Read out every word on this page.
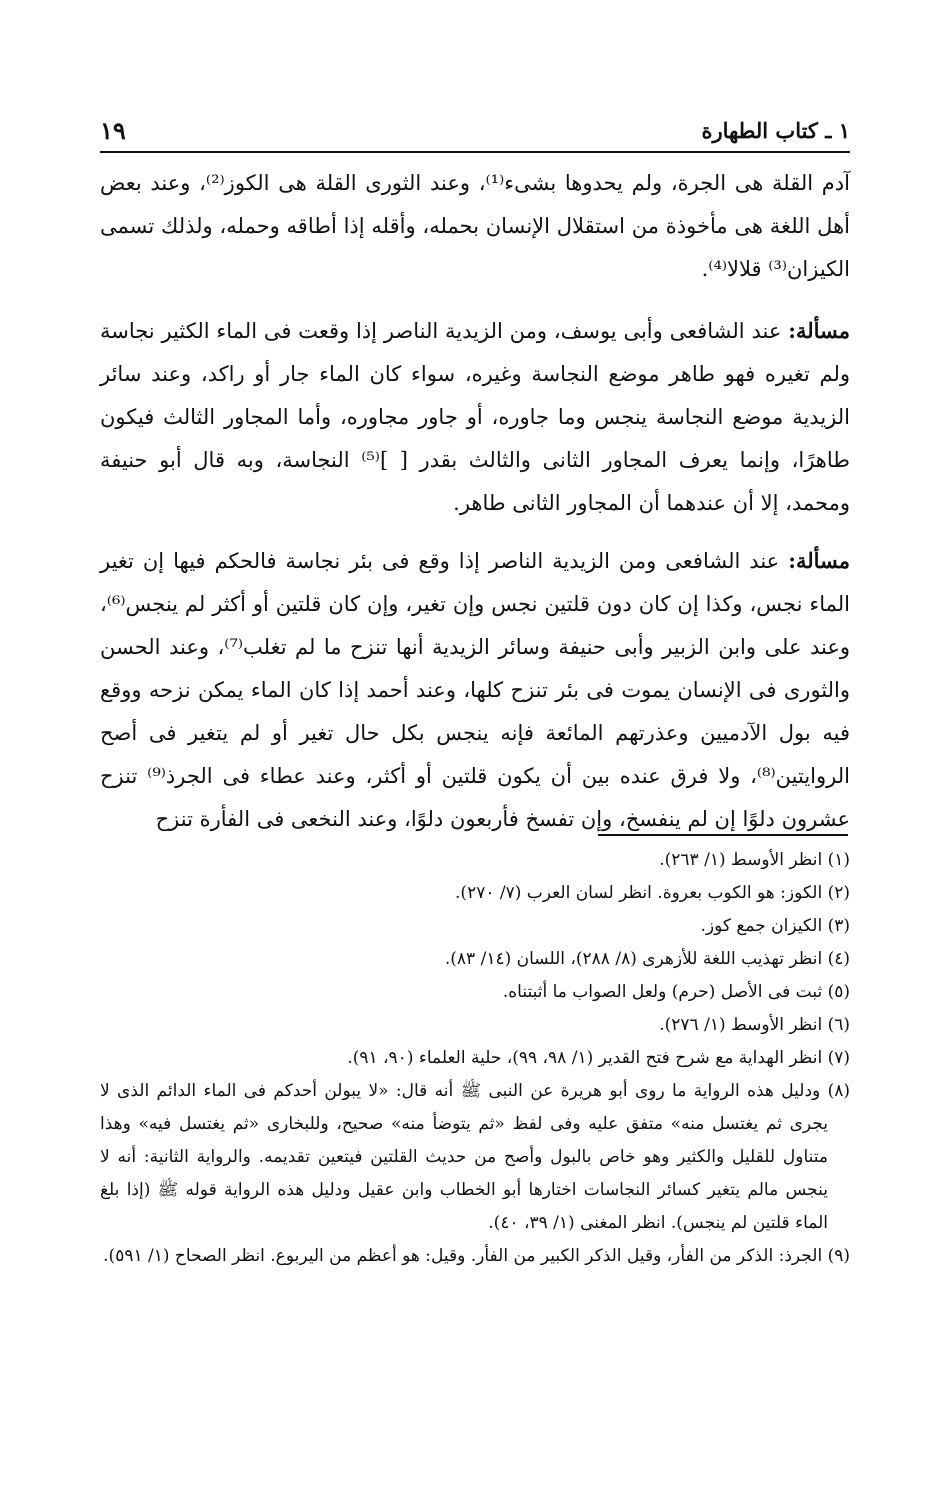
١ ـ كتاب الطهارة
١٩

آدم القلة هى الجرة، ولم يحدوها بشىء⁽¹⁾، وعند الثورى القلة هى الكوز⁽²⁾، وعند بعض أهل اللغة هى مأخوذة من استقلال الإنسان بحمله، وأقله إذا أطاقه وحمله، ولذلك تسمى الكيزان⁽³⁾ قلالا⁽⁴⁾.

مسألة: عند الشافعى وأبى يوسف، ومن الزيدية الناصر إذا وقعت فى الماء الكثير نجاسة ولم تغيره فهو طاهر موضع النجاسة وغيره، سواء كان الماء جار أو راكد، وعند سائر الزيدية موضع النجاسة ينجس وما جاوره، أو جاور مجاوره، وأما المجاور الثالث فيكون طاهرًا، وإنما يعرف المجاور الثانى والثالث بقدر [ ]⁽⁵⁾ النجاسة، وبه قال أبو حنيفة ومحمد، إلا أن عندهما أن المجاور الثانى طاهر.

مسألة: عند الشافعى ومن الزيدية الناصر إذا وقع فى بئر نجاسة فالحكم فيها إن تغير الماء نجس، وكذا إن كان دون قلتين نجس وإن تغير، وإن كان قلتين أو أكثر لم ينجس⁽⁶⁾، وعند على وابن الزبير وأبى حنيفة وسائر الزيدية أنها تنزح ما لم تغلب⁽⁷⁾، وعند الحسن والثورى فى الإنسان يموت فى بئر تنزح كلها، وعند أحمد إذا كان الماء يمكن نزحه ووقع فيه بول الآدميين وعذرتهم المائعة فإنه ينجس بكل حال تغير أو لم يتغير فى أصح الروايتين⁽⁸⁾، ولا فرق عنده بين أن يكون قلتين أو أكثر، وعند عطاء فى الجرذ⁽⁹⁾ تنزح عشرون دلوًا إن لم ينفسخ، وإن تفسخ فأربعون دلوًا، وعند النخعى فى الفأرة تنزح

(١) انظر الأوسط (١/ ٢٦٣).

(٢) الكوز: هو الكوب بعروة. انظر لسان العرب (٧/ ٢٧٠).

(٣) الكيزان جمع كوز.

(٤) انظر تهذيب اللغة للأزهرى (٨/ ٢٨٨)، اللسان (١٤/ ٨٣).

(٥) ثبت فى الأصل (حرم) ولعل الصواب ما أثبتناه.

(٦) انظر الأوسط (١/ ٢٧٦).

(٧) انظر الهداية مع شرح فتح القدير (١/ ٩٨، ٩٩)، حلية العلماء (٩٠، ٩١).

(٨) ودليل هذه الرواية ما روى أبو هريرة عن النبى ﷺ أنه قال: «لا يبولن أحدكم فى الماء الدائم الذى لا يجرى ثم يغتسل منه» متفق عليه وفى لفظ «ثم يتوضأ منه» صحيح، وللبخارى «ثم يغتسل فيه» وهذا متناول للقليل والكثير وهو خاص بالبول وأصح من حديث القلتين فيتعين تقديمه. والرواية الثانية: أنه لا ينجس مالم يتغير كسائر النجاسات اختارها أبو الخطاب وابن عقيل ودليل هذه الرواية قوله ﷺ (إذا بلغ الماء قلتين لم ينجس). انظر المغنى (١/ ٣٩، ٤٠).

(٩) الجرذ: الذكر من الفأر، وقيل الذكر الكبير من الفأر. وقيل: هو أعظم من اليربوع. انظر الصحاح (١/ ٥٩١).
